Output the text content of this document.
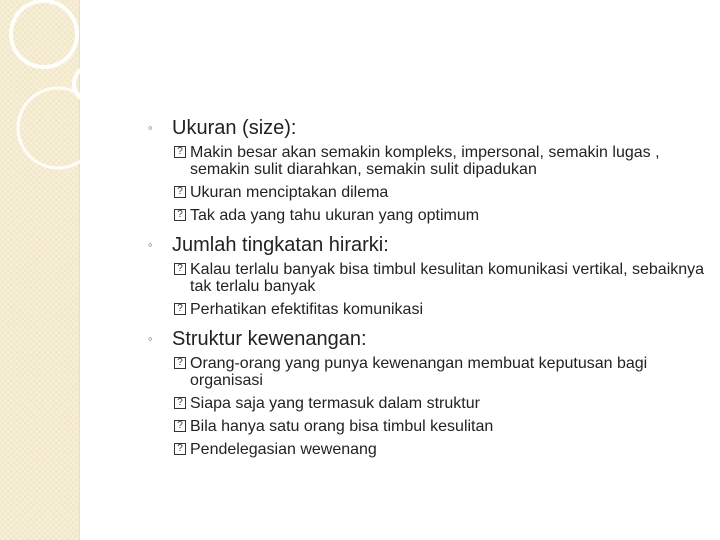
◦ Ukuran (size):
? Makin besar akan semakin kompleks, impersonal, semakin lugas , semakin sulit diarahkan, semakin sulit dipadukan
? Ukuran menciptakan dilema
? Tak ada yang tahu ukuran yang optimum
◦ Jumlah tingkatan hirarki:
? Kalau terlalu banyak bisa timbul kesulitan komunikasi vertikal, sebaiknya tak terlalu banyak
? Perhatikan efektifitas komunikasi
◦ Struktur kewenangan:
? Orang-orang yang punya kewenangan membuat keputusan bagi organisasi
? Siapa saja yang termasuk dalam struktur
? Bila hanya satu orang bisa timbul kesulitan
? Pendelegasian wewenang
